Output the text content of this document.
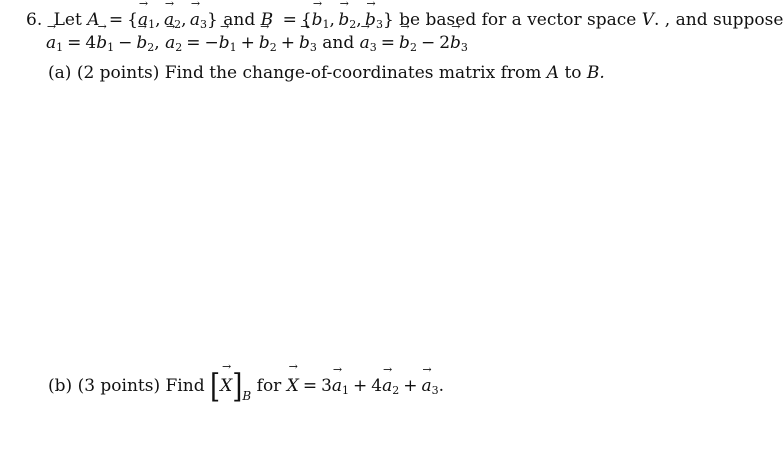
6. Let $A = \{a \to_1$, $a \to_2$, $a \to_3$} and $B = \{b \to_1$, $b \to_2$, $b \to_3$} be based for a vector space V. , and suppose
$a \to_1 = 4b \to_1 - b \to_2$, $a \to_2 = -b \to_1 + b \to_2 + b \to_3$ and $a \to_3 = b \to_2 - 2b \to_3$
(a) (2 points) Find the change-of-coordinates matrix from A to B.
(b) (3 points) Find $[X \to]_B$ for X → = $3a \to_1 + 4a \to_2 + a \to_3$.
